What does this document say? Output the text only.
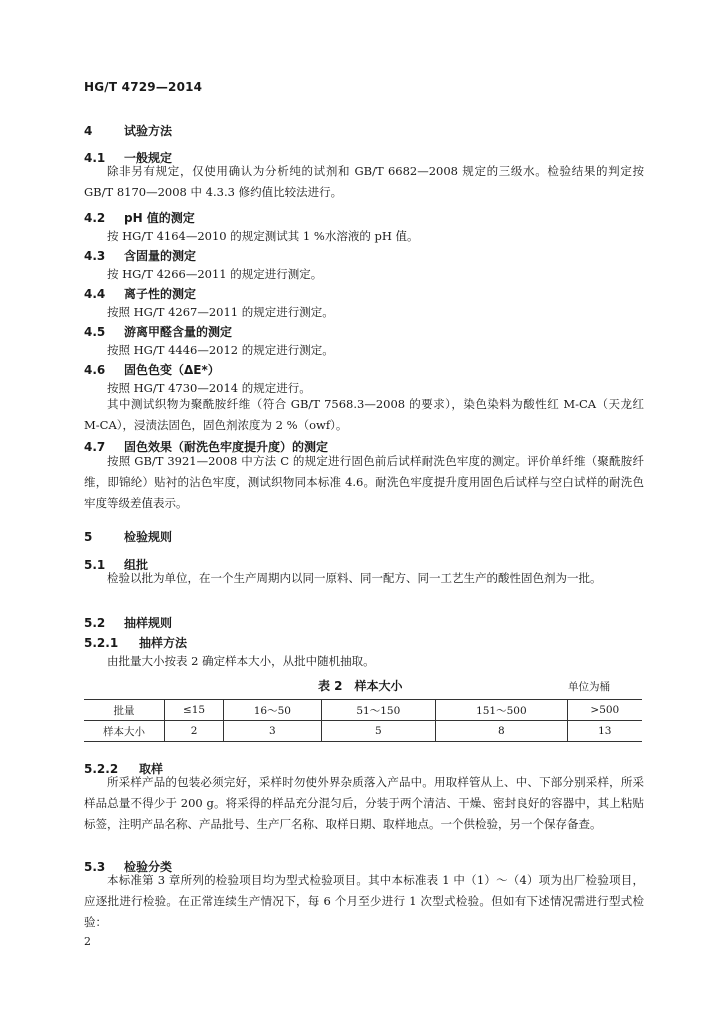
HG/T 4729—2014
4	试验方法
4.1 一般规定
除非另有规定，仅使用确认为分析纯的试剂和 GB/T 6682—2008 规定的三级水。检验结果的判定按 GB/T 8170—2008 中 4.3.3 修约值比较法进行。
4.2 pH 值的测定
按 HG/T 4164—2010 的规定测试其 1 %水溶液的 pH 值。
4.3 含固量的测定
按 HG/T 4266—2011 的规定进行测定。
4.4 离子性的测定
按照 HG/T 4267—2011 的规定进行测定。
4.5 游离甲醛含量的测定
按照 HG/T 4446—2012 的规定进行测定。
4.6 固色色变（ΔE*）
按照 HG/T 4730—2014 的规定进行。
其中测试织物为聚酰胺纤维（符合 GB/T 7568.3—2008 的要求），染色染料为酸性红 M-CA（天龙红 M-CA），浸渍法固色，固色剂浓度为 2 %（owf）。
4.7 固色效果（耐洗色牢度提升度）的测定
按照 GB/T 3921—2008 中方法 C 的规定进行固色前后试样耐洗色牢度的测定。评价单纤维（聚酰胺纤维，即锦纶）贴衬的沾色牢度，测试织物同本标准 4.6。耐洗色牢度提升度用固色后试样与空白试样的耐洗色牢度等级差值表示。
5	检验规则
5.1 组批
检验以批为单位，在一个生产周期内以同一原料、同一配方、同一工艺生产的酸性固色剂为一批。
5.2 抽样规则
5.2.1 抽样方法
由批量大小按表 2 确定样本大小，从批中随机抽取。
表 2　样本大小	单位为桶
批量	≤15	16～50	51～150	151～500	>500
样本大小	2	3	5	8	13
5.2.2 取样
所采样产品的包装必须完好，采样时勿使外界杂质落入产品中。用取样管从上、中、下部分别采样，所采样品总量不得少于 200 g。将采得的样品充分混匀后，分装于两个清洁、干燥、密封良好的容器中，其上粘贴标签，注明产品名称、产品批号、生产厂名称、取样日期、取样地点。一个供检验，另一个保存备查。
5.3 检验分类
本标准第 3 章所列的检验项目均为型式检验项目。其中本标准表 1 中（1）～（4）项为出厂检验项目，应逐批进行检验。在正常连续生产情况下，每 6 个月至少进行 1 次型式检验。但如有下述情况需进行型式检验：
2
